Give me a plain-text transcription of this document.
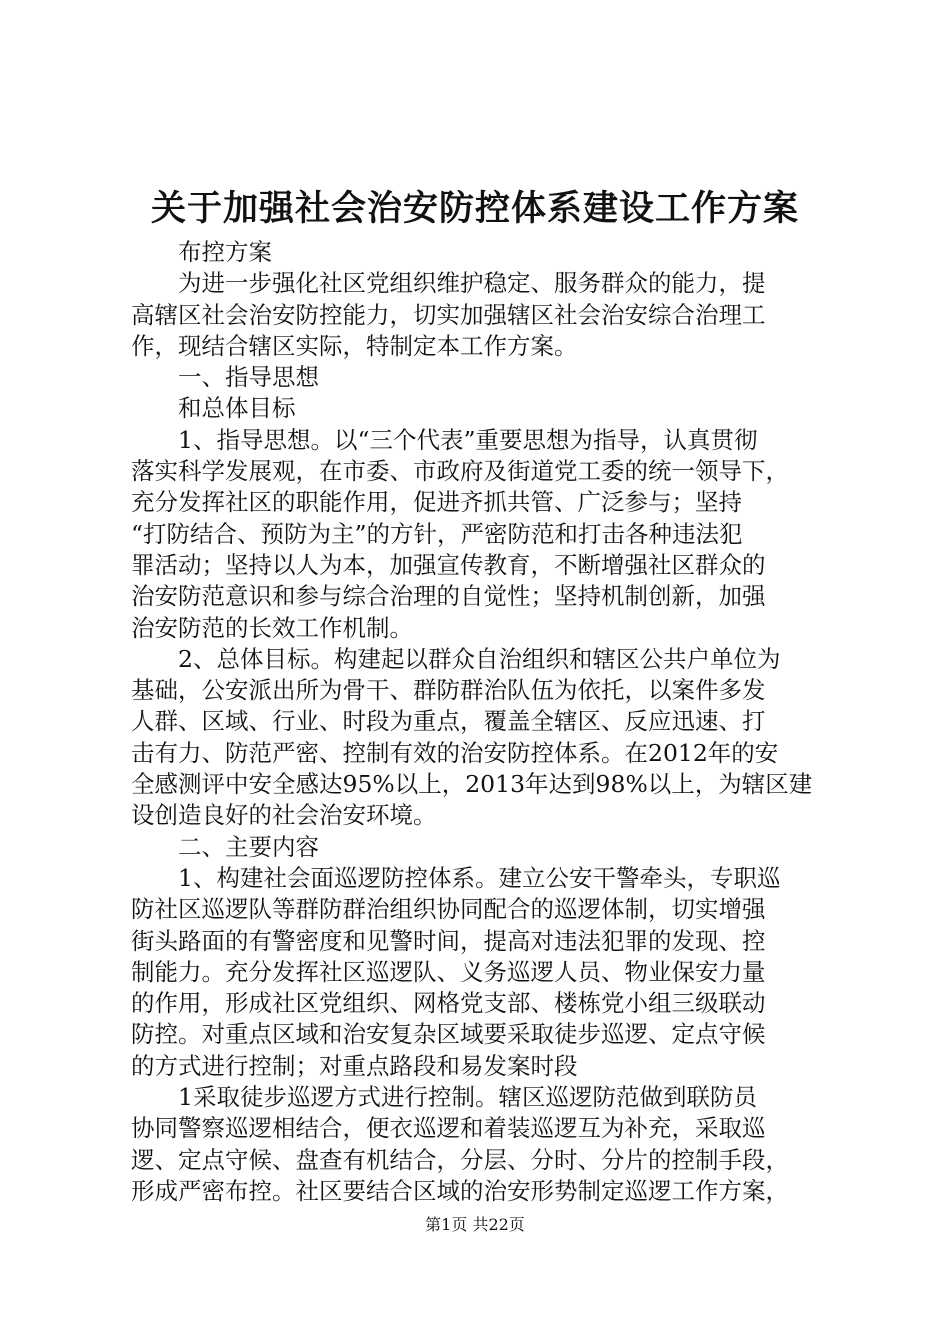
关于加强社会治安防控体系建设工作方案
布控方案
为进一步强化社区党组织维护稳定、服务群众的能力，提
高辖区社会治安防控能力，切实加强辖区社会治安综合治理工
作，现结合辖区实际，特制定本工作方案。
一、指导思想
和总体目标
1、指导思想。以“三个代表”重要思想为指导，认真贯彻
落实科学发展观，在市委、市政府及街道党工委的统一领导下，
充分发挥社区的职能作用，促进齐抓共管、广泛参与；坚持
“打防结合、预防为主”的方针，严密防范和打击各种违法犯
罪活动；坚持以人为本，加强宣传教育，不断增强社区群众的
治安防范意识和参与综合治理的自觉性；坚持机制创新，加强
治安防范的长效工作机制。
2、总体目标。构建起以群众自治组织和辖区公共户单位为
基础，公安派出所为骨干、群防群治队伍为依托，以案件多发
人群、区域、行业、时段为重点，覆盖全辖区、反应迅速、打
击有力、防范严密、控制有效的治安防控体系。在2012年的安
全感测评中安全感达95%以上，2013年达到98%以上，为辖区建
设创造良好的社会治安环境。
二、主要内容
1、构建社会面巡逻防控体系。建立公安干警牵头，专职巡
防社区巡逻队等群防群治组织协同配合的巡逻体制，切实增强
街头路面的有警密度和见警时间，提高对违法犯罪的发现、控
制能力。充分发挥社区巡逻队、义务巡逻人员、物业保安力量
的作用，形成社区党组织、网格党支部、楼栋党小组三级联动
防控。对重点区域和治安复杂区域要采取徒步巡逻、定点守候
的方式进行控制；对重点路段和易发案时段
1采取徒步巡逻方式进行控制。辖区巡逻防范做到联防员
协同警察巡逻相结合，便衣巡逻和着装巡逻互为补充，采取巡
逻、定点守候、盘查有机结合，分层、分时、分片的控制手段，
形成严密布控。社区要结合区域的治安形势制定巡逻工作方案，
第1页 共22页
